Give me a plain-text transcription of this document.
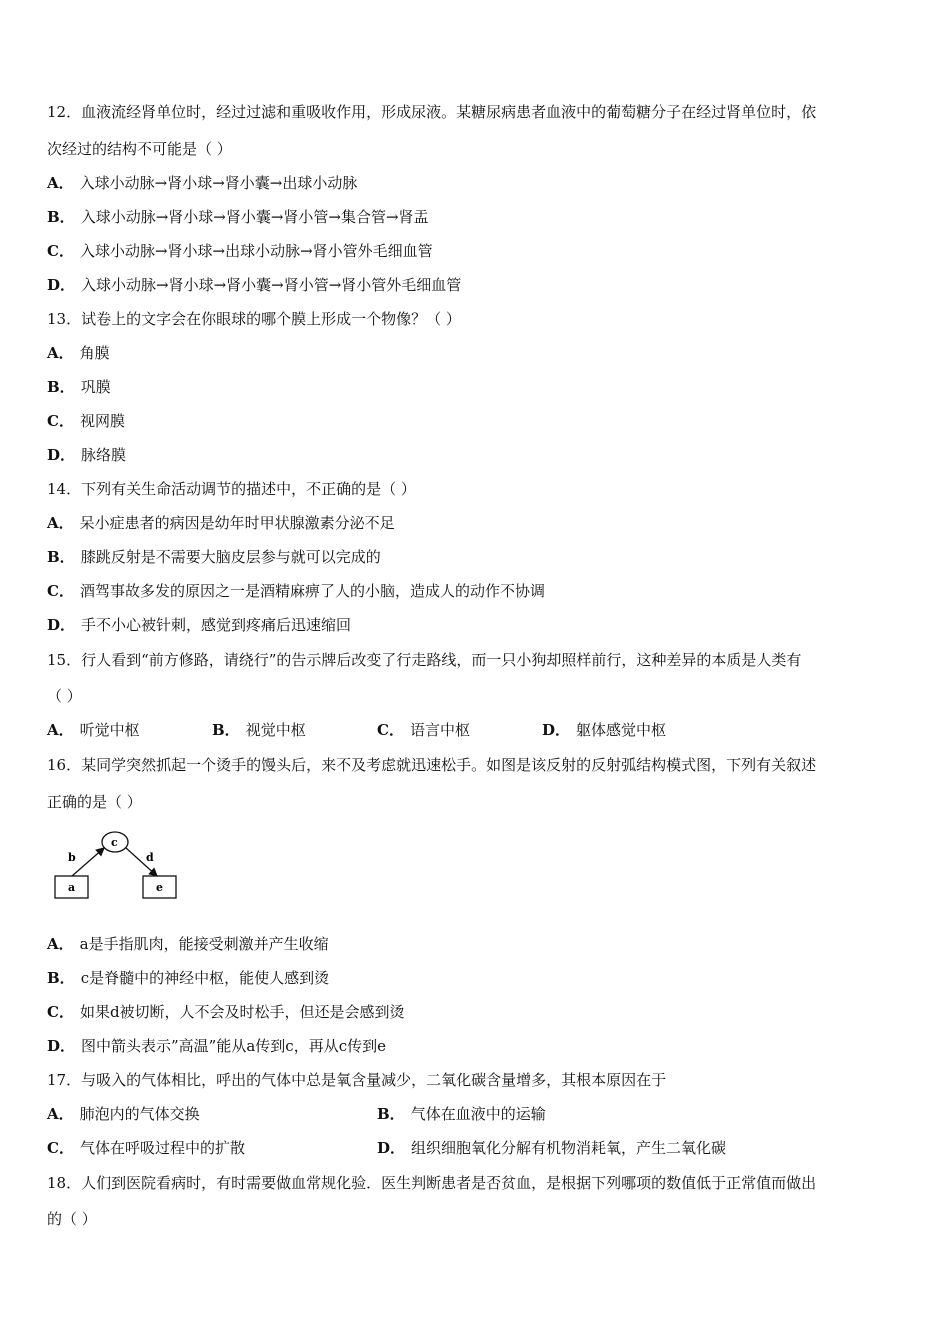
12．血液流经肾单位时，经过过滤和重吸收作用，形成尿液。某糖尿病患者血液中的葡萄糖分子在经过肾单位时，依
次经过的结构不可能是（ ）
A． 入球小动脉→肾小球→肾小囊→出球小动脉
B． 入球小动脉→肾小球→肾小囊→肾小管→集合管→肾盂
C． 入球小动脉→肾小球→出球小动脉→肾小管外毛细血管
D． 入球小动脉→肾小球→肾小囊→肾小管→肾小管外毛细血管
13．试卷上的文字会在你眼球的哪个膜上形成一个物像？（ ）
A． 角膜
B． 巩膜
C． 视网膜
D． 脉络膜
14．下列有关生命活动调节的描述中，不正确的是（ ）
A． 呆小症患者的病因是幼年时甲状腺激素分泌不足
B． 膝跳反射是不需要大脑皮层参与就可以完成的
C． 酒驾事故多发的原因之一是酒精麻痹了人的小脑，造成人的动作不协调
D． 手不小心被针刺，感觉到疼痛后迅速缩回
15．行人看到“前方修路，请绕行”的告示牌后改变了行走路线，而一只小狗却照样前行，这种差异的本质是人类有
（ ）
A． 听觉中枢	B． 视觉中枢	C． 语言中枢	D． 躯体感觉中枢
16．某同学突然抓起一个烫手的馒头后，来不及考虑就迅速松手。如图是该反射的反射弧结构模式图，下列有关叙述
正确的是（ ）
c
a	e
b	d
A． a是手指肌肉，能接受刺激并产生收缩
B． c是脊髓中的神经中枢，能使人感到烫
C． 如果d被切断，人不会及时松手，但还是会感到烫
D． 图中箭头表示”高温”能从a传到c，再从c传到e
17．与吸入的气体相比，呼出的气体中总是氧含量减少，二氧化碳含量增多，其根本原因在于
A． 肺泡内的气体交换	B． 气体在血液中的运输
C． 气体在呼吸过程中的扩散	D． 组织细胞氧化分解有机物消耗氧，产生二氧化碳
18．人们到医院看病时，有时需要做血常规化验．医生判断患者是否贫血，是根据下列哪项的数值低于正常值而做出
的（ ）
